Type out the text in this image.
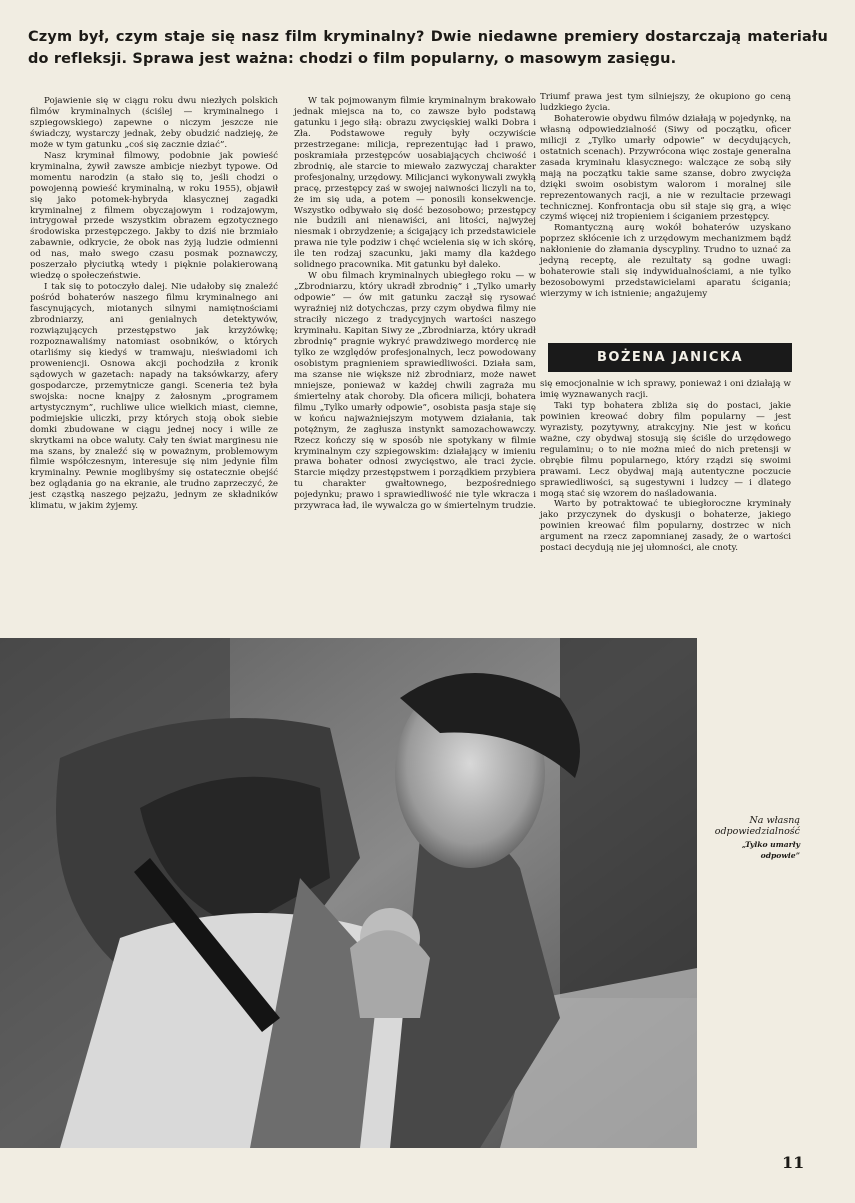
Czym był, czym staje się nasz film kryminalny? Dwie niedawne premiery dostarczają materiału do refleksji. Sprawa jest ważna: chodzi o film popularny, o masowym zasięgu.

Pojawienie się w ciągu roku dwu niezłych polskich filmów kryminalnych (ściślej — kryminalnego i szpiegowskiego) zapewne o niczym jeszcze nie świadczy, wystarczy jednak, żeby obudzić nadzieję, że może w tym gatunku „coś się zacznie dziać”.

Nasz kryminał filmowy, podobnie jak powieść kryminalna, żywił zawsze ambicje niezbyt typowe. Od momentu narodzin (a stało się to, jeśli chodzi o powojenną powieść kryminalną, w roku 1955), objawił się jako potomek-hybryda klasycznej zagadki kryminalnej z filmem obyczajowym i rodzajowym, intrygował przede wszystkim obrazem egzotycznego środowiska przestępczego. Jakby to dziś nie brzmiało zabawnie, odkrycie, że obok nas żyją ludzie odmienni od nas, mało swego czasu posmak poznawczy, poszerzało płyciutką wtedy i pięknie polakierowaną wiedzę o społeczeństwie.

I tak się to potoczyło dalej. Nie udałoby się znaleźć pośród bohaterów naszego filmu kryminalnego ani fascynujących, miotanych silnymi namiętnościami zbrodniarzy, ani genialnych detektywów, rozwiązujących przestępstwo jak krzyżówkę; rozpoznawaliśmy natomiast osobników, o których otarliśmy się kiedyś w tramwaju, nieświadomi ich proweniencji. Osnowa akcji pochodziła z kronik sądowych w gazetach: napady na taksówkarzy, afery gospodarcze, przemytnicze gangi. Sceneria też była swojska: nocne knajpy z żałosnym „programem artystycznym”, ruchliwe ulice wielkich miast, ciemne, podmiejskie uliczki, przy których stoją obok siebie domki zbudowane w ciągu jednej nocy i wille ze skrytkami na obce waluty. Cały ten świat marginesu nie ma szans, by znaleźć się w poważnym, problemowym filmie współczesnym, interesuje się nim jedynie film kryminalny. Pewnie moglibyśmy się ostatecznie obejść bez oglądania go na ekranie, ale trudno zaprzeczyć, że jest cząstką naszego pejzażu, jednym ze składników klimatu, w jakim żyjemy.

W tak pojmowanym filmie kryminalnym brakowało jednak miejsca na to, co zawsze było podstawą gatunku i jego siłą: obrazu zwycięskiej walki Dobra i Zła. Podstawowe reguły były oczywiście przestrzegane: milicja, reprezentując ład i prawo, poskramiała przestępców uosabiających chciwość i zbrodnię, ale starcie to miewało zazwyczaj charakter profesjonalny, urzędowy. Milicjanci wykonywali zwykłą pracę, przestępcy zaś w swojej naiwności liczyli na to, że im się uda, a potem — ponosili konsekwencje. Wszystko odbywało się dość bezosobowo; przestępcy nie budzili ani nienawiści, ani litości, najwyżej niesmak i obrzydzenie; a ścigający ich przedstawiciele prawa nie tyle podziw i chęć wcielenia się w ich skórę, ile ten rodzaj szacunku, jaki mamy dla każdego solidnego pracownika. Mit gatunku był daleko.

W obu filmach kryminalnych ubiegłego roku — w „Zbrodniarzu, który ukradł zbrodnię” i „Tylko umarły odpowie” — ów mit gatunku zaczął się rysować wyraźniej niż dotychczas, przy czym obydwa filmy nie straciły niczego z tradycyjnych wartości naszego kryminału. Kapitan Siwy ze „Zbrodniarza, który ukradł zbrodnię” pragnie wykryć prawdziwego mordercę nie tylko ze względów profesjonalnych, lecz powodowany osobistym pragnieniem sprawiedliwości. Działa sam, ma szanse nie większe niż zbrodniarz, może nawet mniejsze, ponieważ w każdej chwili zagraża mu śmiertelny atak choroby. Dla oficera milicji, bohatera filmu „Tylko umarły odpowie”, osobista pasja staje się w końcu najważniejszym motywem działania, tak potężnym, że zagłusza instynkt samozachowawczy. Rzecz kończy się w sposób nie spotykany w filmie kryminalnym czy szpiegowskim: działający w imieniu prawa bohater odnosi zwycięstwo, ale traci życie. Starcie między przestępstwem i porządkiem przybiera tu charakter gwałtownego, bezpośredniego pojedynku; prawo i sprawiedliwość nie tyle wkracza i przywraca ład, ile wywalcza go w śmiertelnym trudzie.

Triumf prawa jest tym silniejszy, że okupiono go ceną ludzkiego życia.

Bohaterowie obydwu filmów działają w pojedynkę, na własną odpowiedzialność (Siwy od początku, oficer milicji z „Tylko umarły odpowie” w decydujących, ostatnich scenach). Przywrócona więc zostaje generalna zasada kryminału klasycznego: walczące ze sobą siły mają na początku takie same szanse, dobro zwycięża dzięki swoim osobistym walorom i moralnej sile reprezentowanych racji, a nie w rezultacie przewagi technicznej. Konfrontacja obu sił staje się grą, a więc czymś więcej niż tropieniem i ściganiem przestępcy.

Romantyczną aurę wokół bohaterów uzyskano poprzez skłócenie ich z urzędowym mechanizmem bądź nakłonienie do złamania dyscypliny. Trudno to uznać za jedyną receptę, ale rezultaty są godne uwagi: bohaterowie stali się indywidualnościami, a nie tylko bezosobowymi przedstawicielami aparatu ścigania; wierzymy w ich istnienie; angażujemy

BOŻENA JANICKA

się emocjonalnie w ich sprawy, ponieważ i oni działają w imię wyznawanych racji.

Taki typ bohatera zbliża się do postaci, jakie powinien kreować dobry film popularny — jest wyrazisty, pozytywny, atrakcyjny. Nie jest w końcu ważne, czy obydwaj stosują się ściśle do urzędowego regulaminu; o to nie można mieć do nich pretensji w obrębie filmu popularnego, który rządzi się swoimi prawami. Lecz obydwaj mają autentyczne poczucie sprawiedliwości, są sugestywni i ludzcy — i dlatego mogą stać się wzorem do naśladowania.

Warto by potraktować te ubiegłoroczne kryminały jako przyczynek do dyskusji o bohaterze, jakiego powinien kreować film popularny, dostrzec w nich argument na rzecz zapomnianej zasady, że o wartości postaci decydują nie jej ułomności, ale cnoty.

Na własną odpowiedzialność
„Tylko umarły odpowie”
11
